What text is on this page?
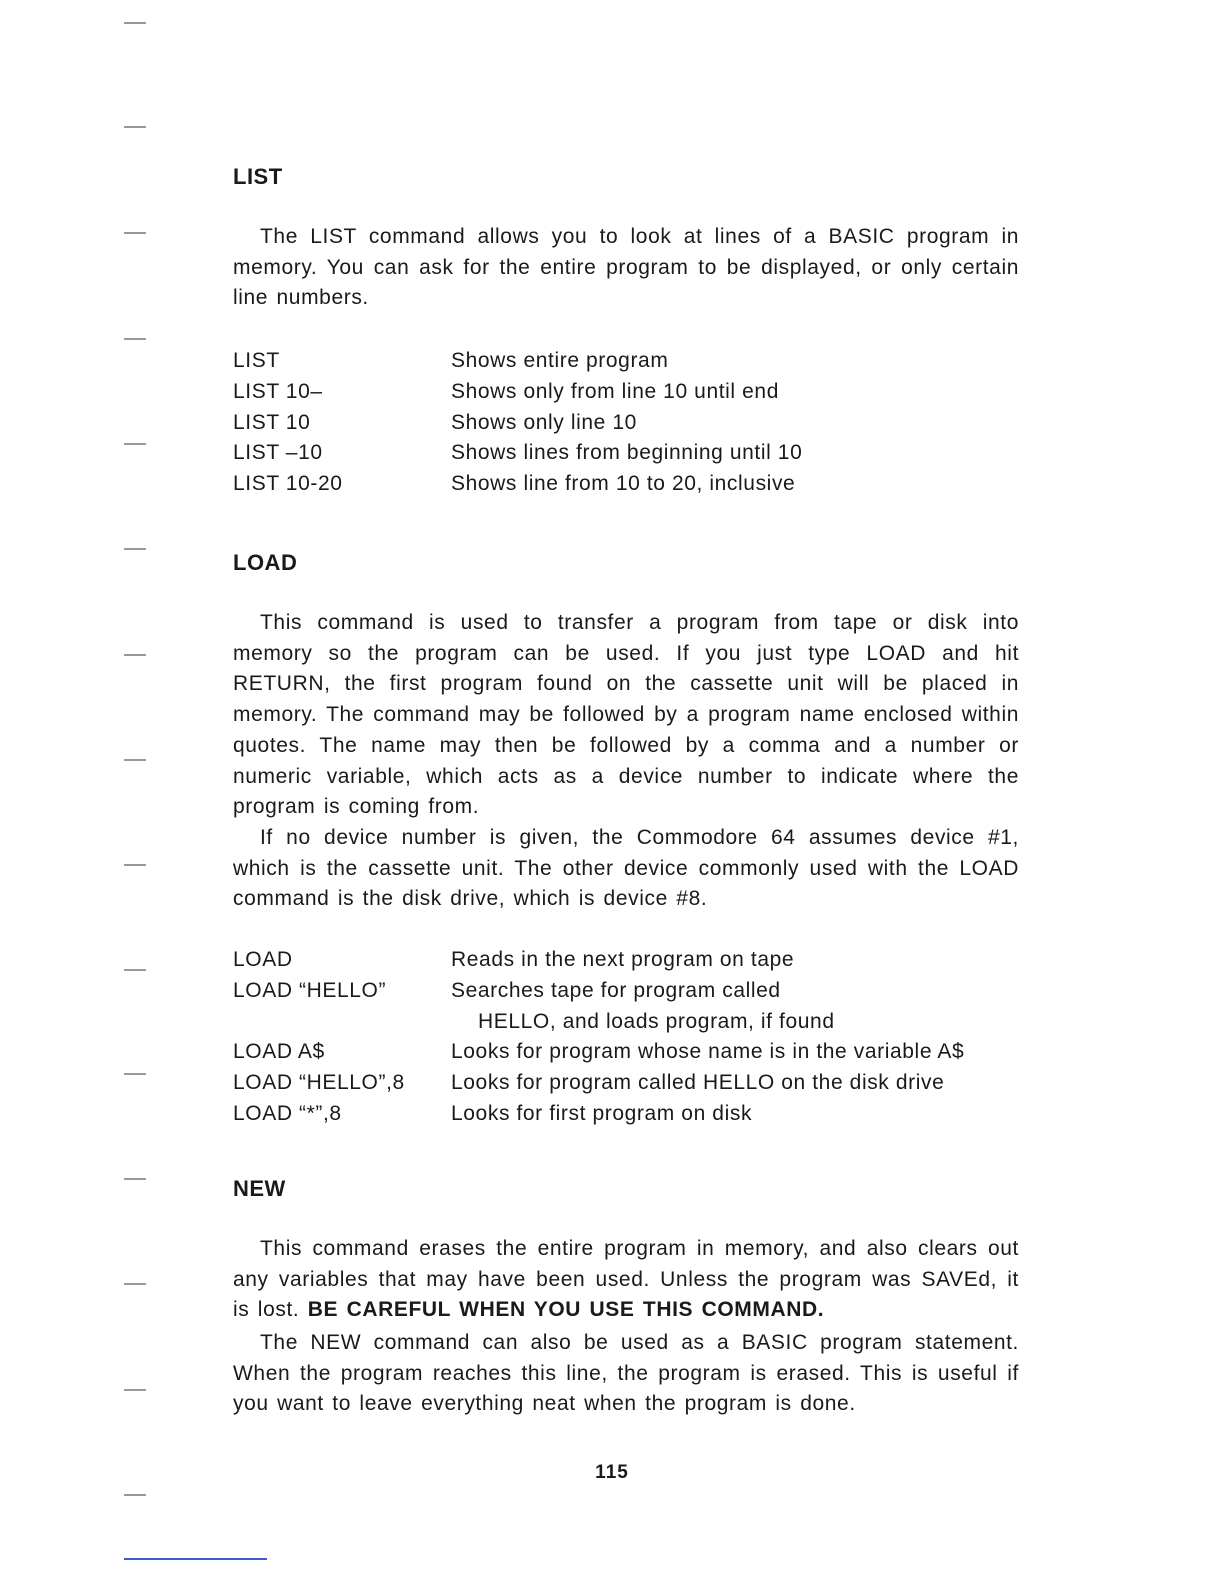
LIST

The LIST command allows you to look at lines of a BASIC program in memory. You can ask for the entire program to be displayed, or only certain line numbers.

LIST	Shows entire program
LIST 10–	Shows only from line 10 until end
LIST 10	Shows only line 10
LIST –10	Shows lines from beginning until 10
LIST 10-20	Shows line from 10 to 20, inclusive
LOAD

This command is used to transfer a program from tape or disk into memory so the program can be used. If you just type LOAD and hit RETURN, the first program found on the cassette unit will be placed in memory. The command may be followed by a program name enclosed within quotes. The name may then be followed by a comma and a number or numeric variable, which acts as a device number to indicate where the program is coming from.

If no device number is given, the Commodore 64 assumes device #1, which is the cassette unit. The other device commonly used with the LOAD command is the disk drive, which is device #8.

LOAD	Reads in the next program on tape
LOAD “HELLO”	Searches tape for program called
	HELLO, and loads program, if found
LOAD A$	Looks for program whose name is in the variable A$
LOAD “HELLO”,8	Looks for program called HELLO on the disk drive
LOAD “*”,8	Looks for first program on disk
NEW

This command erases the entire program in memory, and also clears out any variables that may have been used. Unless the program was SAVEd, it is lost. BE CAREFUL WHEN YOU USE THIS COMMAND.

The NEW command can also be used as a BASIC program statement. When the program reaches this line, the program is erased. This is useful if you want to leave everything neat when the program is done.

115
